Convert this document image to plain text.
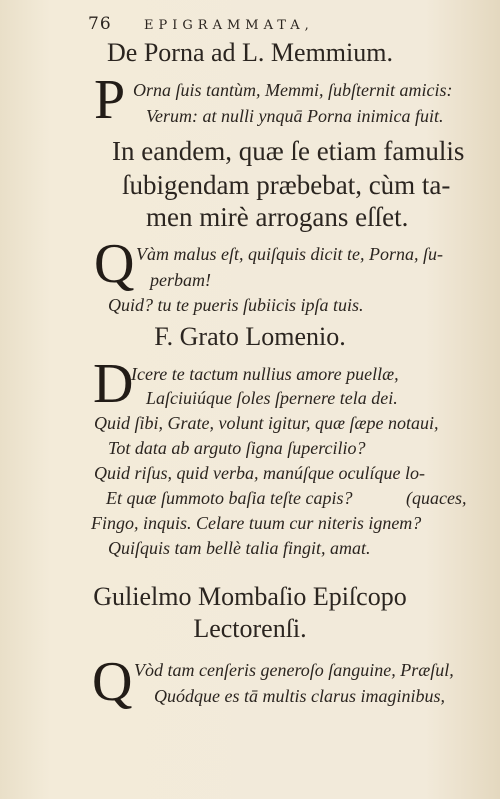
76 EPIGRAMMATA,
De Porna ad L. Memmium.
P Orna ſuis tantùm, Memmi, ſubſternit amicis:
Verum: at nulli ynquā Porna inimica fuit.
In eandem, quæ ſe etiam famulis
ſubigendam præbebat, cùm ta-
men mirè arrogans eſſet.
Q Vàm malus eſt, quiſquis dicit te, Porna, ſu-
perbam!
Quid? tu te pueris ſubiicis ipſa tuis.
F. Grato Lomenio.
D
Icere te tactum nullius amore puellæ,
Laſciuiúque ſoles ſpernere tela dei.
Quid ſibi, Grate, volunt igitur, quæ ſæpe notaui,
Tot data ab arguto ſigna ſupercilio?
Quid riſus, quid verba, manúſque oculíque lo-
Et quæ ſummoto baſia teſte capis?	(quaces,
Fingo, inquis. Celare tuum cur niteris ignem?
Quiſquis tam bellè talia fingit, amat.
Gulielmo Mombaſio Epiſcopo
Lectorenſi.
Q Vòd tam cenſeris generoſo ſanguine, Præſul,
Quódque es tā multis clarus imaginibus,
